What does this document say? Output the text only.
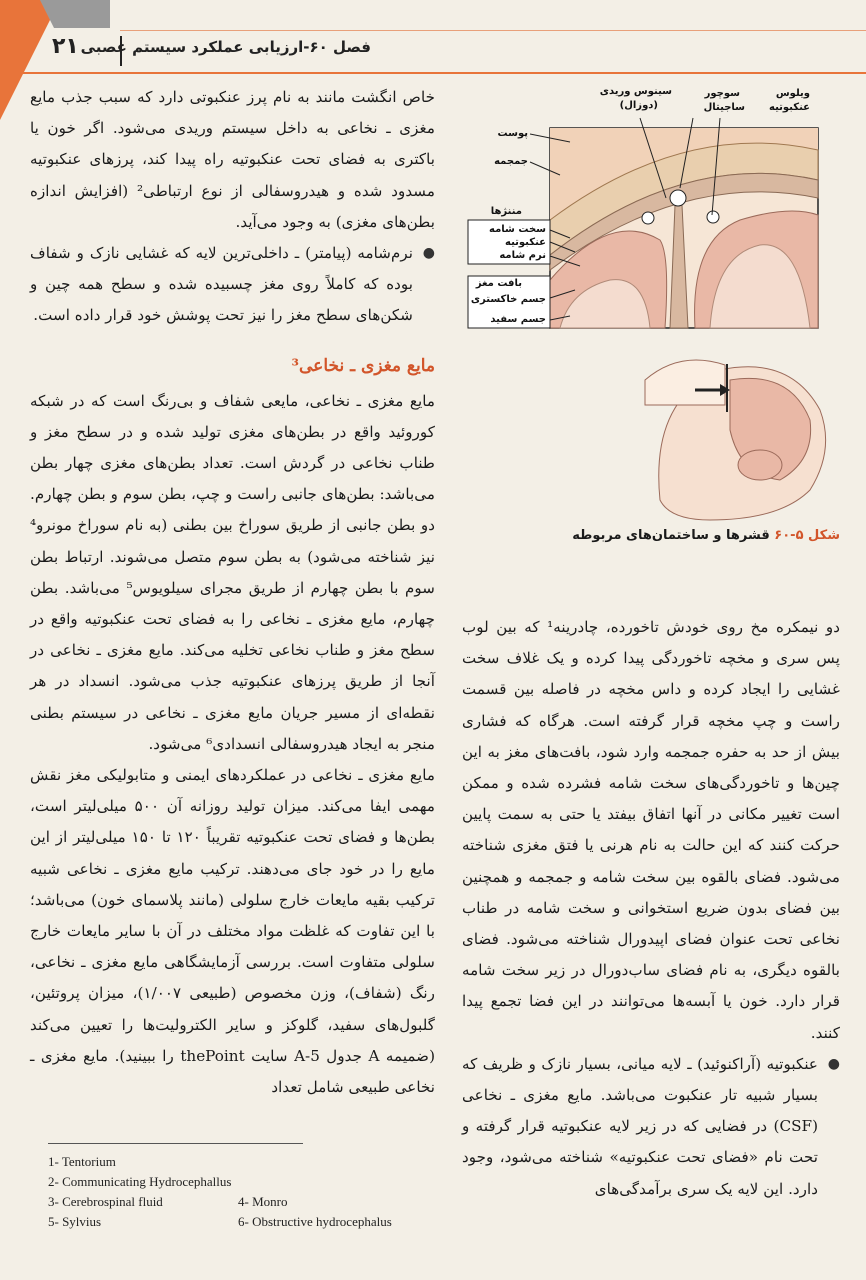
۲۱ فصل ۶۰-ارزیابی عملکرد سیستم عصبی

خاص انگشت مانند به نام پرز عنکبوتی دارد که سبب جذب مایع مغزی ـ نخاعی به داخل سیستم وریدی می‌شود. اگر خون یا باکتری به فضای تحت عنکبوتیه راه پیدا کند، پرزهای عنکبوتیه مسدود شده و هیدروسفالی از نوع ارتباطی² (افزایش اندازه بطن‌های مغزی) به وجود می‌آید.

●
نرم‌شامه (پیامتر) ـ داخلی‌ترین لایه که غشایی نازک و شفاف بوده که کاملاً روی مغز چسبیده شده و سطح همه چین و شکن‌های سطح مغز را نیز تحت پوشش خود قرار داده است.
مایع مغزی ـ نخاعی³

مایع مغزی ـ نخاعی، مایعی شفاف و بی‌رنگ است که در شبکه کوروئید واقع در بطن‌های مغزی تولید شده و در سطح مغز و طناب نخاعی در گردش است. تعداد بطن‌های مغزی چهار بطن می‌باشد: بطن‌های جانبی راست و چپ، بطن سوم و بطن چهارم. دو بطن جانبی از طریق سوراخ بین بطنی (به نام سوراخ مونرو⁴ نیز شناخته می‌شود) به بطن سوم متصل می‌شوند. ارتباط بطن سوم با بطن چهارم از طریق مجرای سیلویوس⁵ می‌باشد. بطن چهارم، مایع مغزی ـ نخاعی را به فضای تحت عنکبوتیه واقع در سطح مغز و طناب نخاعی تخلیه می‌کند. مایع مغزی ـ نخاعی در آنجا از طریق پرزهای عنکبوتیه جذب می‌شود. انسداد در هر نقطه‌ای از مسیر جریان مایع مغزی ـ نخاعی در سیستم بطنی منجر به ایجاد هیدروسفالی انسدادی⁶ می‌شود.

مایع مغزی ـ نخاعی در عملکردهای ایمنی و متابولیکی مغز نقش مهمی ایفا می‌کند. میزان تولید روزانه آن ۵۰۰ میلی‌لیتر است، بطن‌ها و فضای تحت عنکبوتیه تقریباً ۱۲۰ تا ۱۵۰ میلی‌لیتر از این مایع را در خود جای می‌دهند. ترکیب مایع مغزی ـ نخاعی شبیه ترکیب بقیه مایعات خارج سلولی (مانند پلاسمای خون) می‌باشد؛ با این تفاوت که غلظت مواد مختلف در آن با سایر مایعات خارج سلولی متفاوت است. بررسی آزمایشگاهی مایع مغزی ـ نخاعی، رنگ (شفاف)، وزن مخصوص (طبیعی ۱/۰۰۷)، میزان پروتئین، گلبول‌های سفید، گلوکز و سایر الکترولیت‌ها را تعیین می‌کند (ضمیمه A جدول 5-A سایت thePoint را ببینید). مایع مغزی ـ نخاعی طبیعی شامل تعداد

ویلوس
عنکبوتیه
سوچور
ساجیتال
سینوس وریدی
(دوزال)
پوست
جمجمه
مننژها
سخت شامه
عنکبوتیه
نرم شامه
بافت مغز
جسم خاکستری
جسم سفید
شکل ۵-۶۰ قشرها و ساختمان‌های مربوطه

دو نیمکره مخ روی خودش تاخورده، چادرینه¹ که بین لوب پس سری و مخچه تاخوردگی پیدا کرده و یک غلاف سخت غشایی را ایجاد کرده و داس مخچه در فاصله بین قسمت راست و چپ مخچه قرار گرفته است. هرگاه که فشاری بیش از حد به حفره جمجمه وارد شود، بافت‌های مغز به این چین‌ها و تاخوردگی‌های سخت شامه فشرده شده و ممکن است تغییر مکانی در آنها اتفاق بیفتد یا حتی به سمت پایین حرکت کنند که این حالت به نام هرنی یا فتق مغزی شناخته می‌شود. فضای بالقوه بین سخت شامه و جمجمه و همچنین بین فضای بدون ضریع استخوانی و سخت شامه در طناب نخاعی تحت عنوان فضای اپیدورال شناخته می‌شود. فضای بالقوه دیگری، به نام فضای ساب‌دورال در زیر سخت شامه قرار دارد. خون یا آبسه‌ها می‌توانند در این فضا تجمع پیدا کنند.

●
عنکبوتیه (آراکنوئید) ـ لایه میانی، بسیار نازک و ظریف که بسیار شبیه تار عنکبوت می‌باشد. مایع مغزی ـ نخاعی (CSF) در فضایی که در زیر لایه عنکبوتیه قرار گرفته و تحت نام «فضای تحت عنکبوتیه» شناخته می‌شود، وجود دارد. این لایه یک سری برآمدگی‌های
1- Tentorium
2- Communicating Hydrocephallus
3- Cerebrospinal fluid	4- Monro
5- Sylvius	6- Obstructive hydrocephalus
